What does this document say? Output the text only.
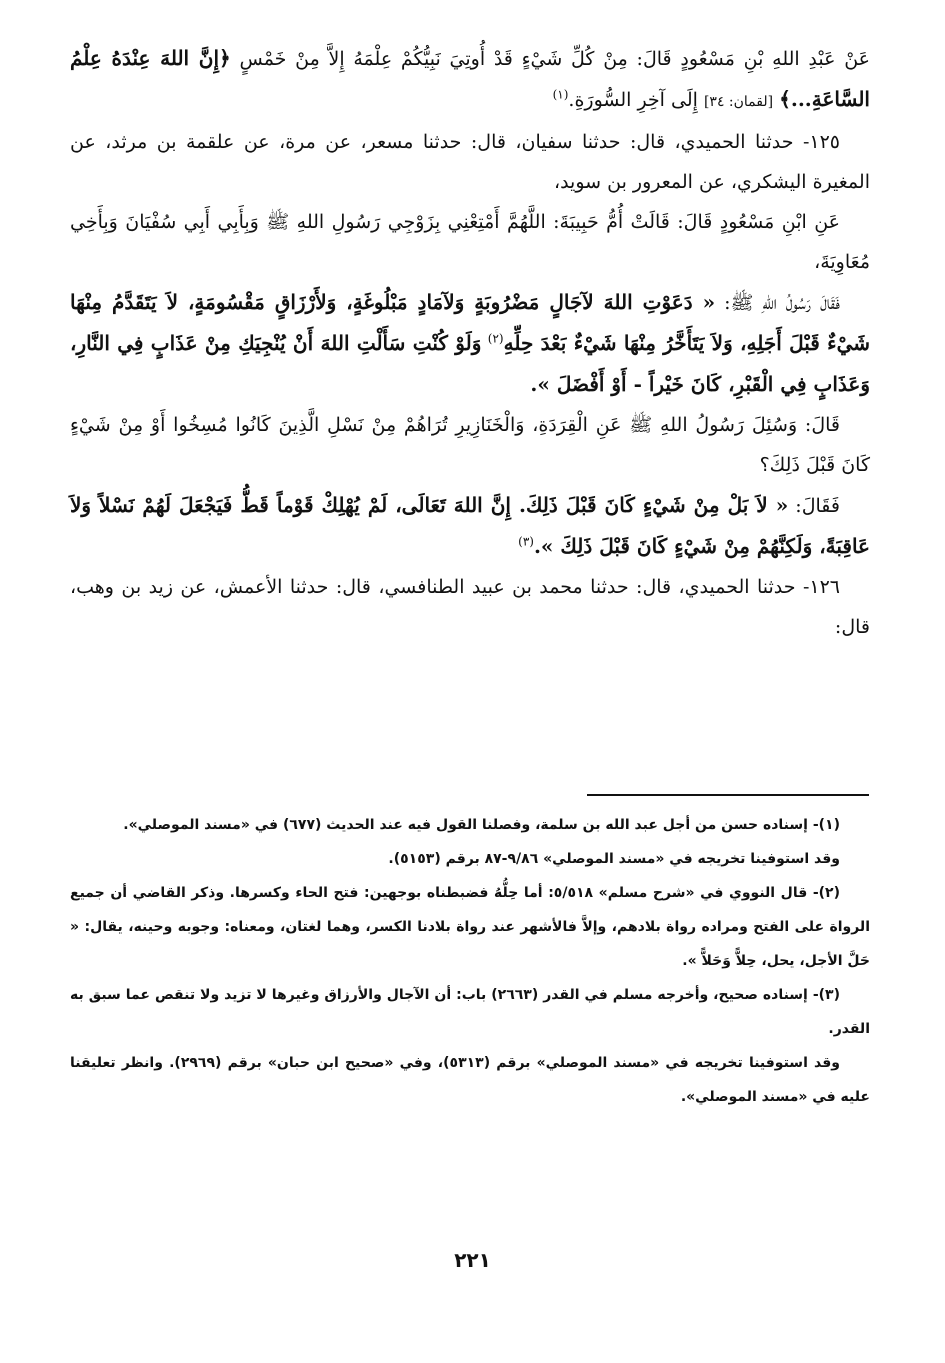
عَنْ عَبْدِ اللهِ بْنِ مَسْعُودٍ قَالَ: مِنْ كُلِّ شَيْءٍ قَدْ أُوتِيَ نَبِيُّكُمْ عِلْمَهُ إِلاَّ مِنْ خَمْسٍ ﴿إِنَّ اللهَ عِنْدَهُ عِلْمُ السَّاعَةِ...﴾ [لقمان: ٣٤] إِلَى آخِرِ السُّورَةِ.$^{(١)}$

١٢٥- حدثنا الحميدي، قال: حدثنا سفيان، قال: حدثنا مسعر، عن مرة، عن علقمة بن مرثد، عن المغيرة اليشكري، عن المعرور بن سويد،

عَنِ ابْنِ مَسْعُودٍ قَالَ: قَالَتْ أُمُّ حَبِيبَةَ: اللَّهُمَّ أَمْتِعْنِي بِزَوْجِي رَسُولِ اللهِ ﷺ وَبِأَبِي أَبِي سُفْيَانَ وَبِأَخِي مُعَاوِيَةَ،

فَقَالَ رَسُولُ اللهِ ﷺ: « دَعَوْتِ اللهَ لآجَالٍ مَضْرُوبَةٍ وَلآمَادٍ مَبْلُوغَةٍ، وَلأَرْزَاقٍ مَقْسُومَةٍ، لاَ يَتَقَدَّمُ مِنْهَا شَيْءٌ قَبْلَ أَجَلِهِ، وَلاَ يَتَأَخَّرُ مِنْهَا شَيْءٌ بَعْدَ حِلِّهِ$^{(٢)}$ وَلَوْ كُنْتِ سَأَلْتِ اللهَ أَنْ يُنْجِيَكِ مِنْ عَذَابٍ فِي النَّارِ، وَعَذَابٍ فِي الْقَبْرِ، كَانَ خَيْراً - أَوْ أَفْضَلَ ».

قَالَ: وَسُئِلَ رَسُولُ اللهِ ﷺ عَنِ الْقِرَدَةِ، وَالْخَنَازِيرِ تُرَاهُمْ مِنْ نَسْلِ الَّذِينَ كَانُوا مُسِخُوا أَوْ مِنْ شَيْءٍ كَانَ قَبْلَ ذَلِكَ؟

فَقَالَ: « لاَ بَلْ مِنْ شَيْءٍ كَانَ قَبْلَ ذَلِكَ. إِنَّ اللهَ تَعَالَى، لَمْ يُهْلِكْ قَوْماً قَطُّ فَيَجْعَلَ لَهُمْ نَسْلاً وَلاَ عَاقِبَةً، وَلَكِنَّهُمْ مِنْ شَيْءٍ كَانَ قَبْلَ ذَلِكَ ».$^{(٣)}$

١٢٦- حدثنا الحميدي، قال: حدثنا محمد بن عبيد الطنافسي، قال: حدثنا الأعمش، عن زيد بن وهب، قال:

(١)- إسناده حسن من أجل عبد الله بن سلمة، وفصلنا القول فيه عند الحديث (٦٧٧) في «مسند الموصلي».

وقد استوفينا تخريجه في «مسند الموصلي» ٩/٨٦-٨٧ برقم (٥١٥٣).

(٢)- قال النووي في «شرح مسلم» ٥/٥١٨: أما حِلُّهُ فضبطناه بوجهين: فتح الحاء وكسرها. وذكر القاضي أن جميع الرواة على الفتح ومراده رواة بلادهم، وإلاَّ فالأشهر عند رواة بلادنا الكسر، وهما لغتان، ومعناه: وجوبه وحينه، يقال: « حَلَّ الأجل، يحل، حِلاًّ وَحَلاًّ ».

(٣)- إسناده صحيح، وأخرجه مسلم في القدر (٢٦٦٣) باب: أن الآجال والأرزاق وغيرها لا تزيد ولا تنقص عما سبق به القدر.

وقد استوفينا تخريجه في «مسند الموصلي» برقم (٥٣١٣)، وفي «صحيح ابن حبان» برقم (٢٩٦٩). وانظر تعليقنا عليه في «مسند الموصلي».

٢٢١
